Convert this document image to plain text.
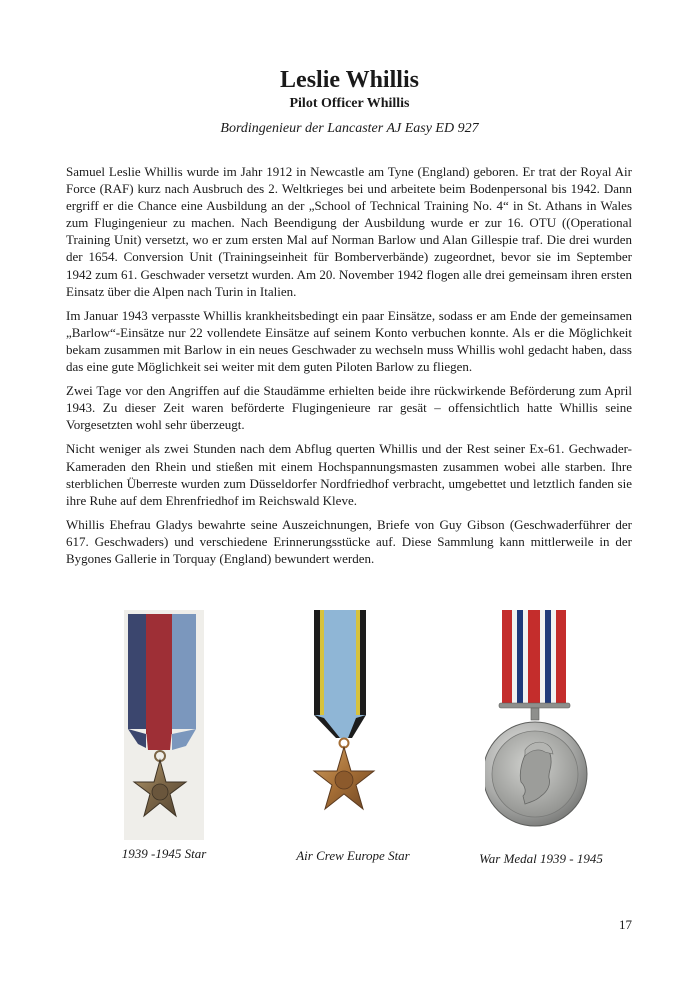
Leslie Whillis
Pilot Officer Whillis
Bordingenieur der Lancaster AJ Easy ED 927

Samuel Leslie Whillis wurde im Jahr 1912 in Newcastle am Tyne (England) geboren. Er trat der Royal Air Force (RAF) kurz nach Ausbruch des 2. Weltkrieges bei und arbeitete beim Bodenpersonal bis 1942. Dann ergriff er die Chance eine Ausbildung an der „School of Technical Training No. 4“ in St. Athans in Wales zum Flugingenieur zu machen. Nach Beendigung der Ausbildung wurde er zur 16. OTU ((Operational Training Unit) versetzt, wo er zum ersten Mal auf Norman Barlow und Alan Gillespie traf. Die drei wurden der 1654. Conversion Unit (Trainingseinheit für Bomberverbände) zugeordnet, bevor sie im September 1942 zum 61. Geschwader versetzt wurden. Am 20. November 1942 flogen alle drei gemeinsam ihren ersten Einsatz über die Alpen nach Turin in Italien.

Im Januar 1943 verpasste Whillis krankheitsbedingt ein paar Einsätze, sodass er am Ende der gemeinsamen „Barlow“-Einsätze nur 22 vollendete Einsätze auf seinem Konto verbuchen konnte. Als er die Möglichkeit bekam zusammen mit Barlow in ein neues Geschwader zu wechseln muss Whillis wohl gedacht haben, dass das eine gute Möglichkeit sei weiter mit dem guten Piloten Barlow zu fliegen.

Zwei Tage vor den Angriffen auf die Staudämme erhielten beide ihre rückwirkende Beförderung zum April 1943. Zu dieser Zeit waren beförderte Flugingenieure rar gesät – offensichtlich hatte Whillis seine Vorgesetzten wohl sehr überzeugt.

Nicht weniger als zwei Stunden nach dem Abflug querten Whillis und der Rest seiner Ex-61. Gechwader-Kameraden den Rhein und stießen mit einem Hochspannungsmasten zusammen wobei alle starben. Ihre sterblichen Überreste wurden zum Düsseldorfer Nordfriedhof verbracht, umgebettet und letztlich fanden sie ihre Ruhe auf dem Ehrenfriedhof im Reichswald Kleve.

Whillis Ehefrau Gladys bewahrte seine Auszeichnungen, Briefe von Guy Gibson (Geschwaderführer der 617. Geschwaders) und verschiedene Erinnerungsstücke auf. Diese Sammlung kann mittlerweile in der Bygones Gallerie in Torquay (England) bewundert werden.

1939 -1945 Star	Air Crew Europe Star	War Medal 1939 - 1945
17
